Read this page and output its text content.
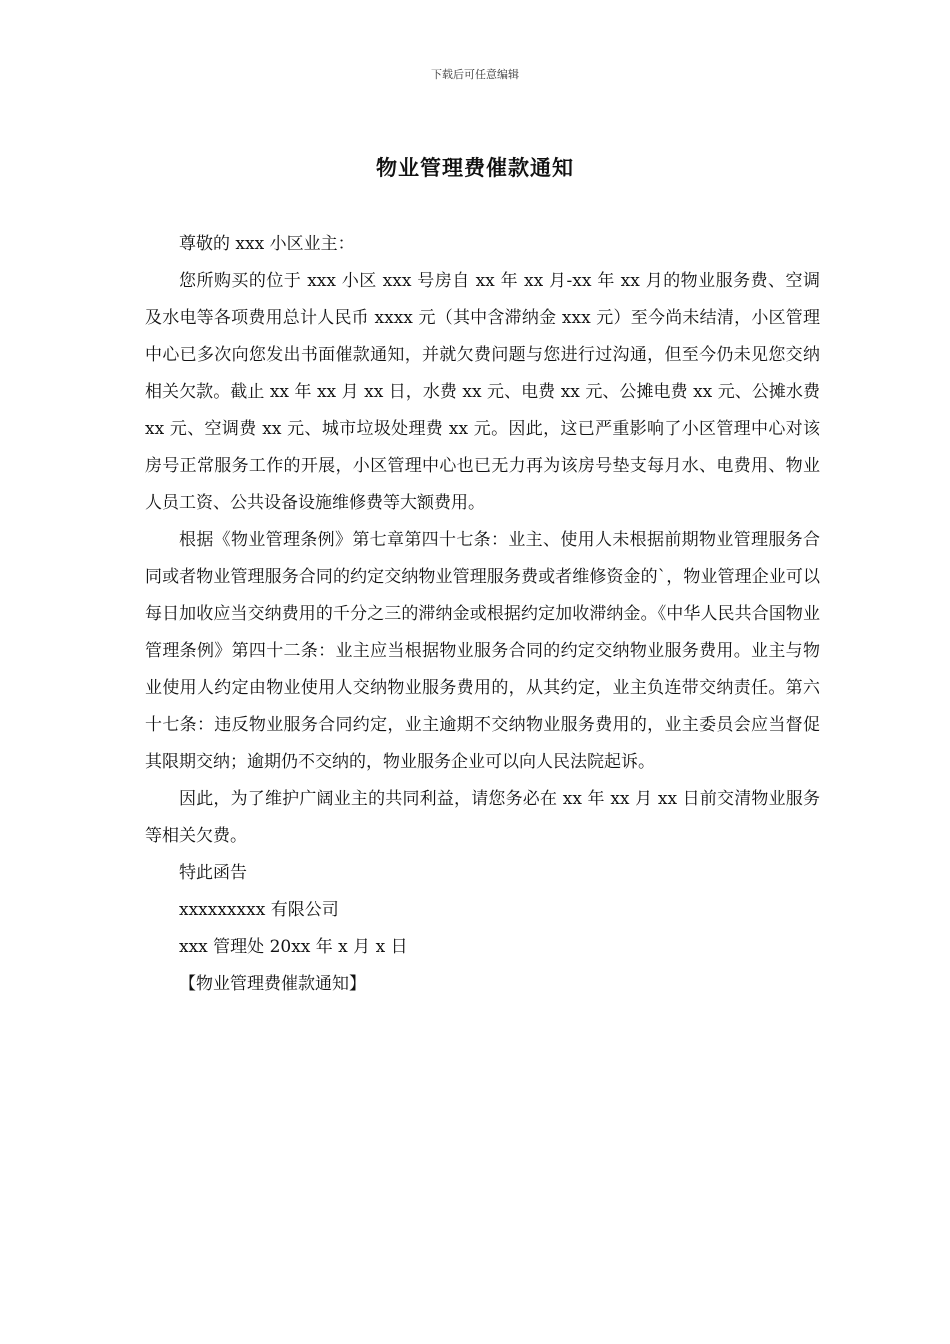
下载后可任意编辑
物业管理费催款通知

尊敬的 xxx 小区业主：

您所购买的位于 xxx 小区 xxx 号房自 xx 年 xx 月-xx 年 xx 月的物业服务费、空调及水电等各项费用总计人民币 xxxx 元（其中含滞纳金 xxx 元）至今尚未结清，小区管理中心已多次向您发出书面催款通知，并就欠费问题与您进行过沟通，但至今仍未见您交纳相关欠款。截止 xx 年 xx 月 xx 日，水费 xx 元、电费 xx 元、公摊电费 xx 元、公摊水费 xx 元、空调费 xx 元、城市垃圾处理费 xx 元。因此，这已严重影响了小区管理中心对该房号正常服务工作的开展，小区管理中心也已无力再为该房号垫支每月水、电费用、物业人员工资、公共设备设施维修费等大额费用。

根据《物业管理条例》第七章第四十七条：业主、使用人未根据前期物业管理服务合同或者物业管理服务合同的约定交纳物业管理服务费或者维修资金的`，物业管理企业可以每日加收应当交纳费用的千分之三的滞纳金或根据约定加收滞纳金。《中华人民共合国物业管理条例》第四十二条：业主应当根据物业服务合同的约定交纳物业服务费用。业主与物业使用人约定由物业使用人交纳物业服务费用的，从其约定，业主负连带交纳责任。第六十七条：违反物业服务合同约定，业主逾期不交纳物业服务费用的，业主委员会应当督促其限期交纳；逾期仍不交纳的，物业服务企业可以向人民法院起诉。

因此，为了维护广阔业主的共同利益，请您务必在 xx 年 xx 月 xx 日前交清物业服务等相关欠费。

特此函告

xxxxxxxxx 有限公司

xxx 管理处 20xx 年 x 月 x 日

【物业管理费催款通知】
